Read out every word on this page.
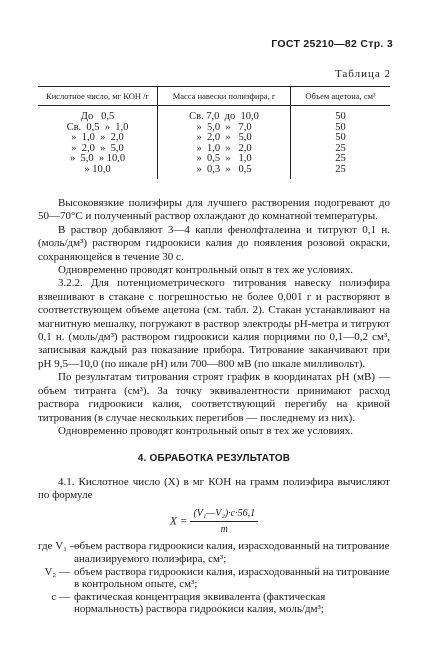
ГОСТ 25210—82 Стр. 3
Таблица 2
Кислотное число, мг КОН /г	Масса навески полиэфира, г	Объем ацетона, см³
До   0,5	Св. 7,0  до  10,0	50
Св.  0,5  »  1,0	»  5,0  »   7,0	50
»  1,0  »  2,0	»  2,0  »   5,0	50
»  2,0  »  5,0	»  1,0  »   2,0	25
»  5,0  » 10,0	»  0,5  »   1,0	25
» 10,0	»  0,3  »   0,5	25

Высоковязкие полиэфиры для лучшего растворения подогревают до 50—70°С и полученный раствор охлаждают до комнатной температуры.

В раствор добавляют 3—4 капли фенолфталеина и титруют 0,1 н. (моль/дм³) раствором гидроокиси калия до появления розовой окраски, сохраняющейся в течение 30 с.

Одновременно проводят контрольный опыт в тех же условиях.

3.2.2. Для потенциометрического титрования навеску полиэфира взвешивают в стакане с погрешностью не более 0,001 г и растворяют в соответствующем объеме ацетона (см. табл. 2). Стакан устанавливают на магнитную мешалку, погружают в раствор электроды рН-метра и титруют 0,1 н. (моль/дм³) раствором гидроокиси калия порциями по 0,1—0,2 см³, записывая каждый раз показание прибора. Титрование заканчивают при рН 9,5—10,0 (по шкале рН) или 700—800 мВ (по шкале милливольт).

По результатам титрования строят график в координатах рН (мВ) — объем титранта (см³). За точку эквивалентности принимают расход раствора гидроокиси калия, соответствующий перегибу на кривой титрования (в случае нескольких перегибов — последнему из них).

Одновременно проводят контрольный опыт в тех же условиях.

4. ОБРАБОТКА РЕЗУЛЬТАТОВ

4.1. Кислотное число (X) в мг КОН на грамм полиэфира вычисляют по формуле

$X = \frac{\text{(V₁—V₂)·c·56,1}}{m}$
где V₁ —
объем раствора гидроокиси калия, израсходованный на титрование анализируемого полиэфира, см³;
V₂ — объем раствора гидроокиси калия, израсходованный на титрование в контрольном опыте, см³;
с — фактическая концентрация эквивалента (фактическая нормальность) раствора гидроокиси калия, моль/дм³;
